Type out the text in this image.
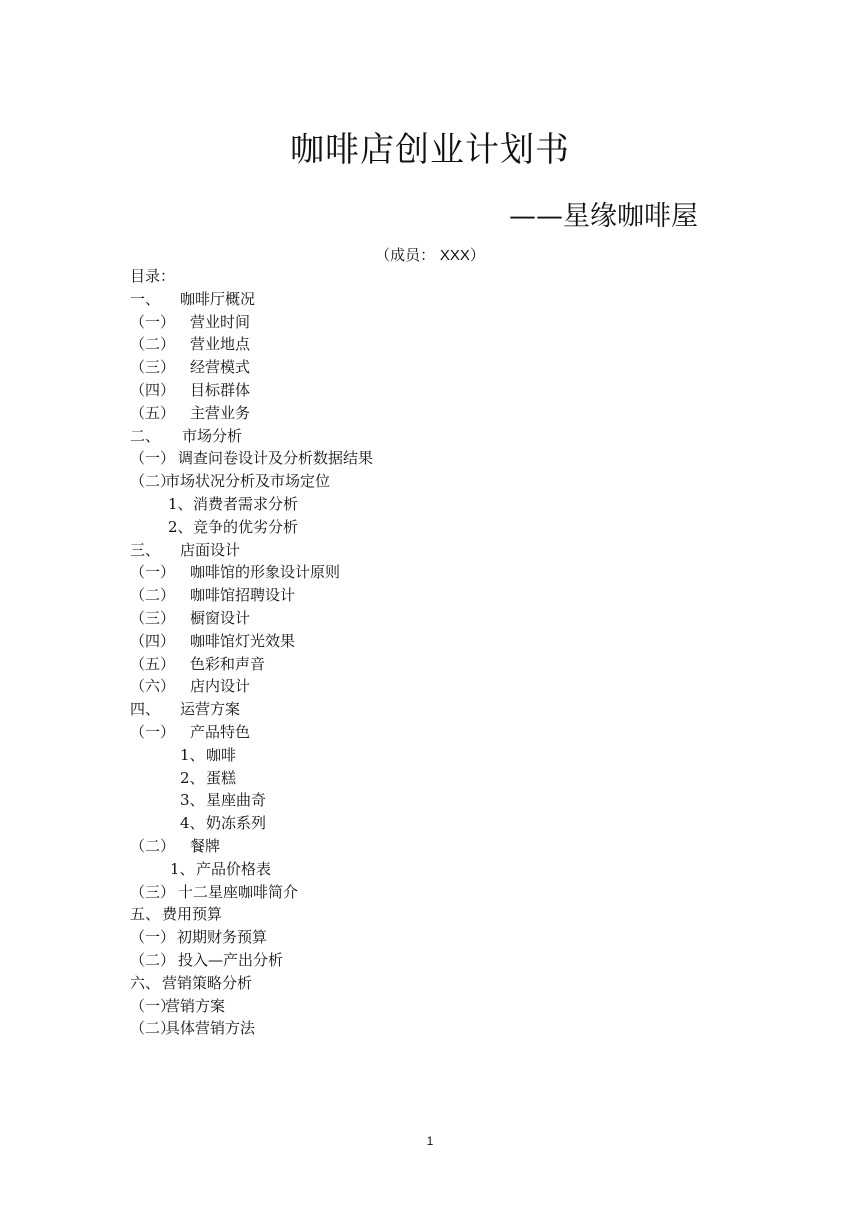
咖啡店创业计划书
——星缘咖啡屋
（成员： XXX）
目录：
一、 咖啡厅概况
（一） 营业时间
（二） 营业地点
（三） 经营模式
（四） 目标群体
（五） 主营业务
二、 市场分析
（一） 调查问卷设计及分析数据结果
（二）
市场状况分析及市场定位
1、 消费者需求分析
2、 竞争的优劣分析
三、 店面设计
（一） 咖啡馆的形象设计原则
（二） 咖啡馆招聘设计
（三） 橱窗设计
（四） 咖啡馆灯光效果
（五） 色彩和声音
（六） 店内设计
四、 运营方案
（一） 产品特色
1、 咖啡
2、 蛋糕
3、 星座曲奇
4、 奶冻系列
（二） 餐牌
1、 产品价格表
（三） 十二星座咖啡简介
五、 费用预算
（一） 初期财务预算
（二） 投入—产出分析
六、 营销策略分析
（一）
营销方案
（二）
具体营销方法
1
